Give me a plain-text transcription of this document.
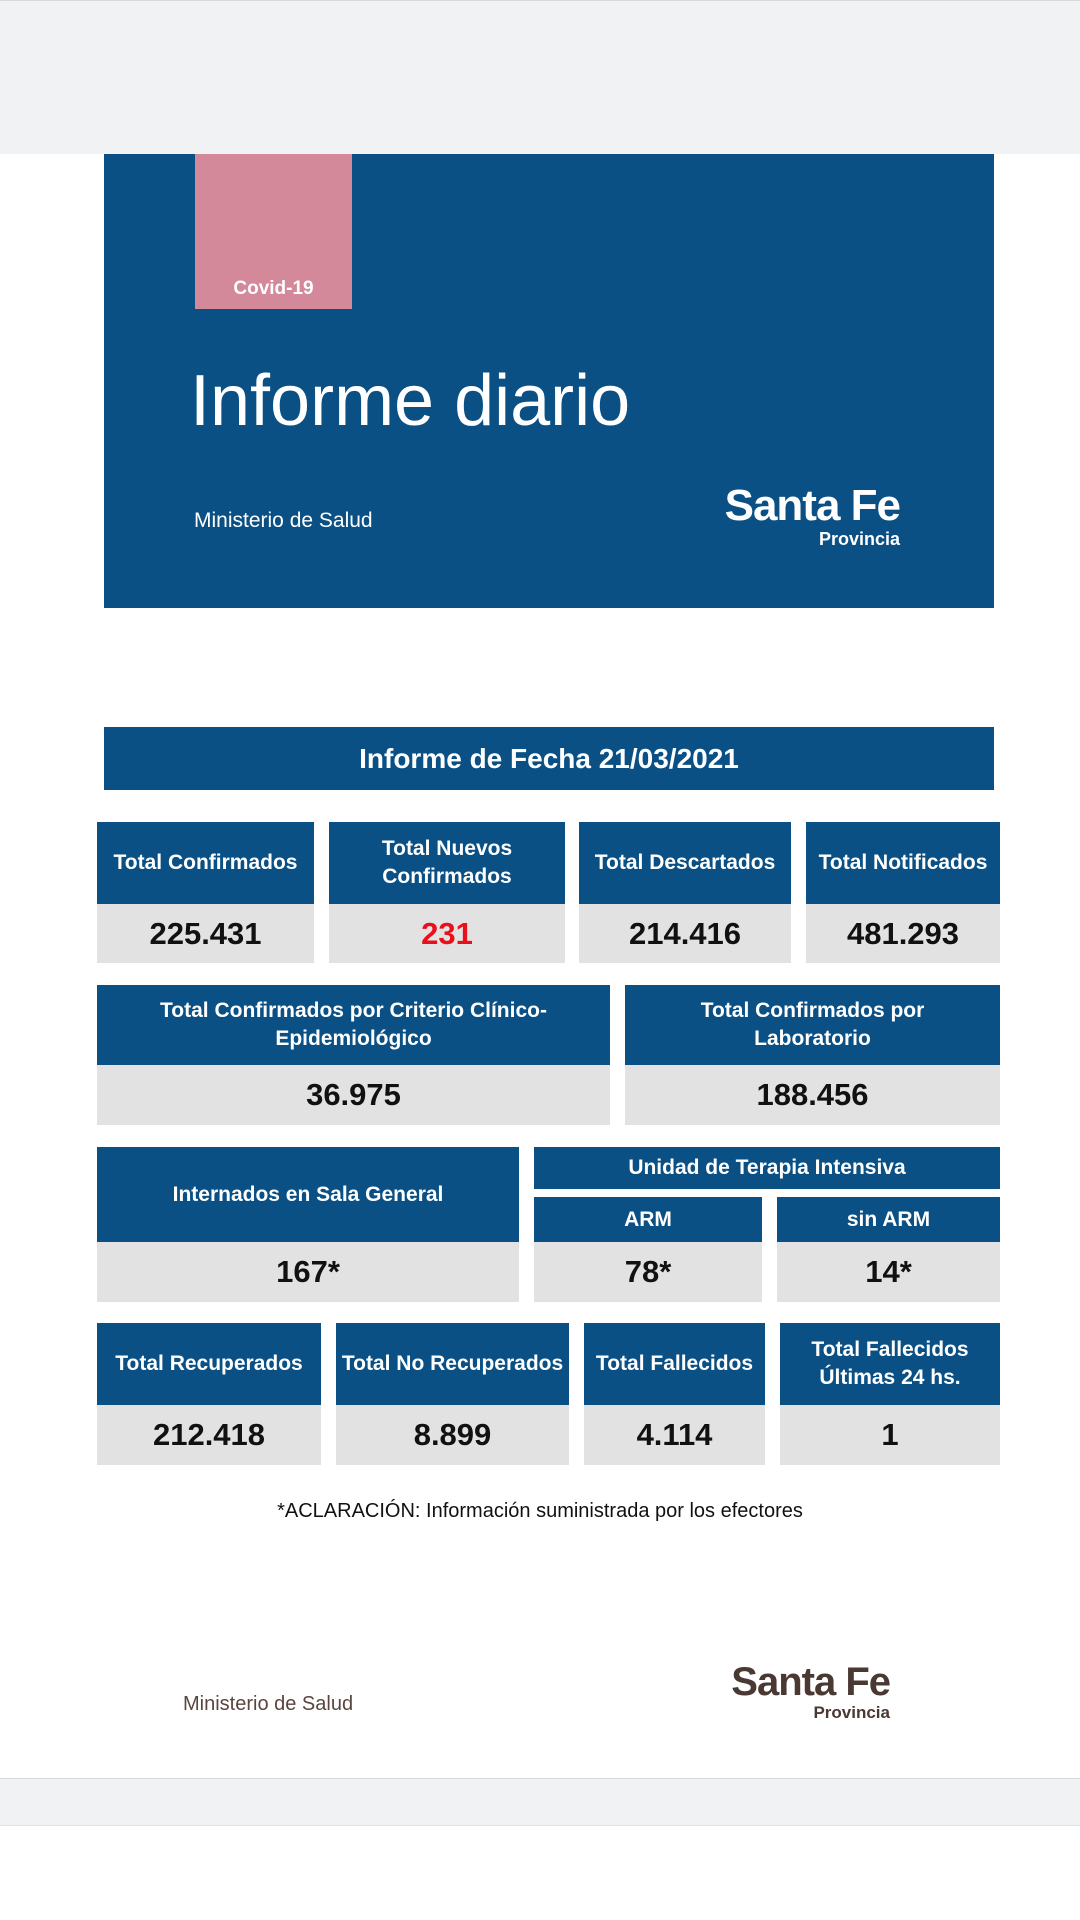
Covid-19
Informe diario
Ministerio de Salud	Santa Fe
Provincia
Informe de Fecha 21/03/2021
Total Confirmados
225.431
Total Nuevos Confirmados
231
Total Descartados
214.416
Total Notificados
481.293
Total Confirmados por Criterio Clínico-Epidemiológico
36.975
Total Confirmados por Laboratorio
188.456
Internados en Sala General
167*
Unidad de Terapia Intensiva
ARM
78*
sin ARM
14*
Total Recuperados
212.418
Total No Recuperados
8.899
Total Fallecidos
4.114
Total Fallecidos Últimas 24 hs.
1
*ACLARACIÓN: Información suministrada por los efectores
Ministerio de Salud	Santa Fe
Provincia
